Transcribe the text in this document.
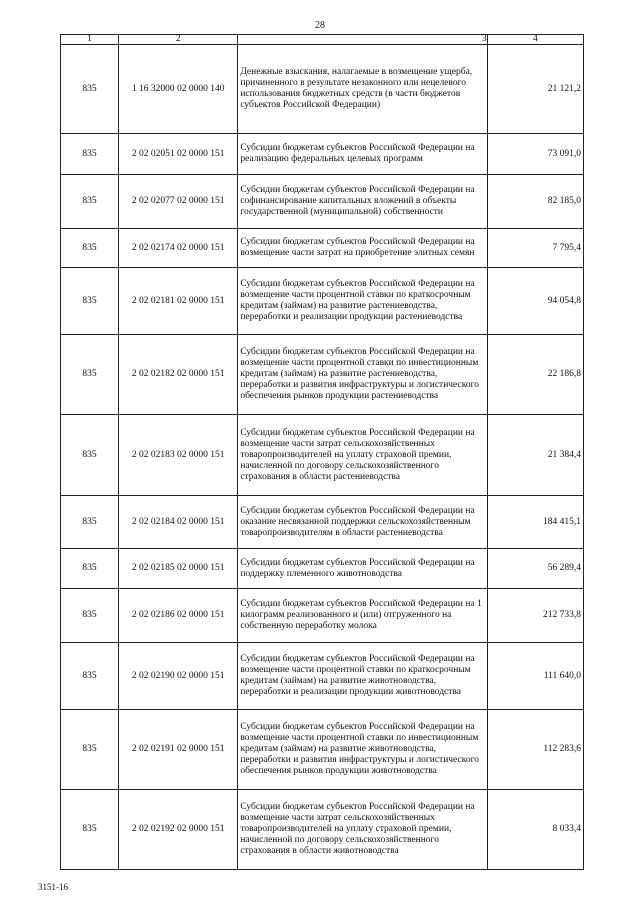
28
1	2	3	4
835	1 16 32000 02 0000 140	Денежные взыскания, налагаемые в возмещение ущерба, причиненного в результате незаконного или нецелевого использования бюджетных средств (в части бюджетов субъектов Российской Федерации)	21 121,2
835	2 02 02051 02 0000 151	Субсидии бюджетам субъектов Российской Федерации на реализацию федеральных целевых программ	73 091,0
835	2 02 02077 02 0000 151	Субсидии бюджетам субъектов Российской Федерации на софинансирование капитальных вложений в объекты государственной (муниципальной) собственности	82 185,0
835	2 02 02174 02 0000 151	Субсидии бюджетам субъектов Российской Федерации на возмещение части затрат на приобретение элитных семян	7 795,4
835	2 02 02181 02 0000 151	Субсидии бюджетам субъектов Российской Федерации на возмещение части процентной ставки по краткосрочным кредитам (займам) на развитие растениеводства, переработки и реализации продукции растениеводства	94 054,8
835	2 02 02182 02 0000 151	Субсидии бюджетам субъектов Российской Федерации на возмещение части процентной ставки по инвестиционным кредитам (займам) на развитие растениеводства, переработки и развития инфраструктуры и логистического обеспечения рынков продукции растениеводства	22 186,8
835	2 02 02183 02 0000 151	Субсидии бюджетам субъектов Российской Федерации на возмещение части затрат сельскохозяйственных товаропроизводителей на уплату страховой премии, начисленной по договору сельскохозяйственного страхования в области растениеводства	21 384,4
835	2 02 02184 02 0000 151	Субсидии бюджетам субъектов Российской Федерации на оказание несвязанной поддержки сельскохозяйственным товаропроизводителям в области растениеводства	184 415,1
835	2 02 02185 02 0000 151	Субсидии бюджетам субъектов Российской Федерации на поддержку племенного животноводства	56 289,4
835	2 02 02186 02 0000 151	Субсидии бюджетам субъектов Российской Федерации на 1 килограмм реализованного и (или) отгруженного на собственную переработку молока	212 733,8
835	2 02 02190 02 0000 151	Субсидии бюджетам субъектов Российской Федерации на возмещение части процентной ставки по краткосрочным кредитам (займам) на развитие животноводства, переработки и реализации продукции животноводства	111 640,0
835	2 02 02191 02 0000 151	Субсидии бюджетам субъектов Российской Федерации на возмещение части процентной ставки по инвестиционным кредитам (займам) на развитие животноводства, переработки и развития инфраструктуры и логистического обеспечения рынков продукции животноводства	112 283,6
835	2 02 02192 02 0000 151	Субсидии бюджетам субъектов Российской Федерации на возмещение части затрат сельскохозяйственных товаропроизводителей на уплату страховой премии, начисленной по договору сельскохозяйственного страхования в области животноводства	8 033,4
3151-16
